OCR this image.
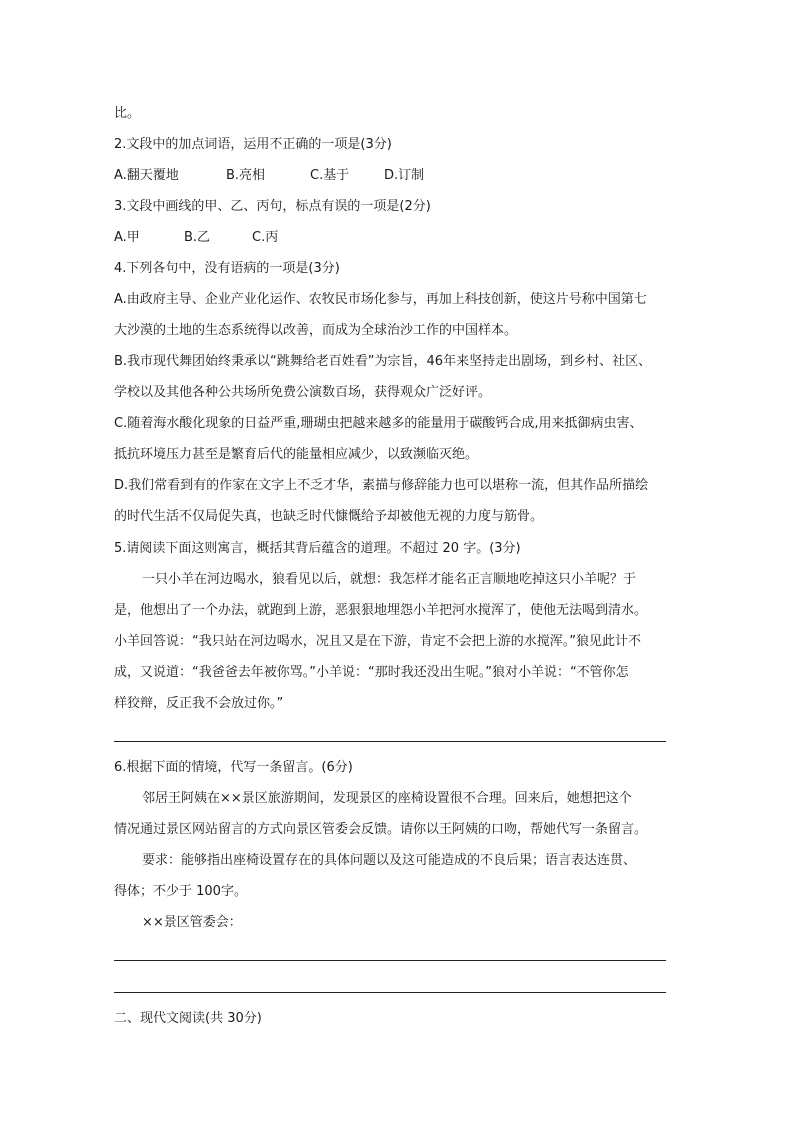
比。
2.文段中的加点词语，运用不正确的一项是(3分)
A.翻天覆地	B.亮相	C.基于	D.订制
3.文段中画线的甲、乙、丙句，标点有误的一项是(2分)
A.甲	B.乙	C.丙
4.下列各句中，没有语病的一项是(3分)
A.由政府主导、企业产业化运作、农牧民市场化参与，再加上科技创新，使这片号称中国第七
大沙漠的土地的生态系统得以改善，而成为全球治沙工作的中国样本。
B.我市现代舞团始终秉承以“跳舞给老百姓看”为宗旨，46年来坚持走出剧场，到乡村、社区、
学校以及其他各种公共场所免费公演数百场，获得观众广泛好评。
C.随着海水酸化现象的日益严重,珊瑚虫把越来越多的能量用于碳酸钙合成,用来抵御病虫害、
抵抗环境压力甚至是繁育后代的能量相应减少，以致濒临灭绝。
D.我们常看到有的作家在文字上不乏才华，素描与修辞能力也可以堪称一流，但其作品所描绘
的时代生活不仅局促失真，也缺乏时代慷慨给予却被他无视的力度与筋骨。
5.请阅读下面这则寓言，概括其背后蕴含的道理。不超过 20 字。(3分)
一只小羊在河边喝水，狼看见以后，就想：我怎样才能名正言顺地吃掉这只小羊呢？于
是，他想出了一个办法，就跑到上游，恶狠狠地埋怨小羊把河水搅浑了，使他无法喝到清水。
小羊回答说：“我只站在河边喝水，况且又是在下游，肯定不会把上游的水搅浑。”狼见此计不
成，又说道：“我爸爸去年被你骂。”小羊说：“那时我还没出生呢。”狼对小羊说：“不管你怎
样狡辩，反正我不会放过你。”
6.根据下面的情境，代写一条留言。(6分)
邻居王阿姨在××景区旅游期间，发现景区的座椅设置很不合理。回来后，她想把这个
情况通过景区网站留言的方式向景区管委会反馈。请你以王阿姨的口吻，帮她代写一条留言。
要求：能够指出座椅设置存在的具体问题以及这可能造成的不良后果；语言表达连贯、
得体；不少于 100字。
××景区管委会：
二、现代文阅读(共 30分)
